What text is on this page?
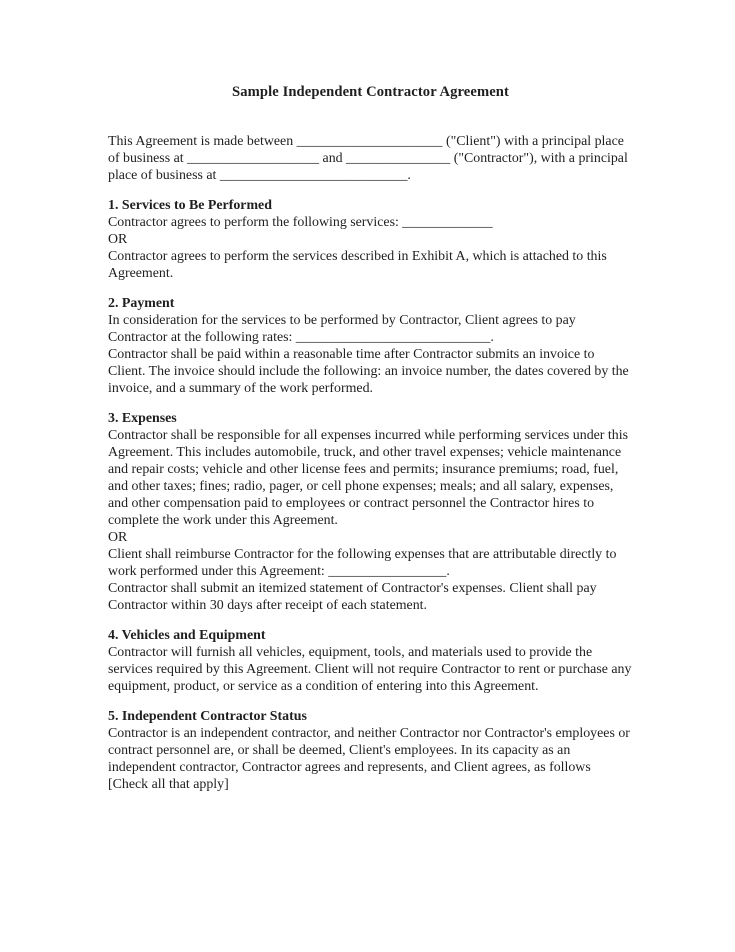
Sample Independent Contractor Agreement

This Agreement is made between _____________________ ("Client") with a principal place of business at ___________________ and _______________ ("Contractor"), with a principal place of business at ___________________________.

1. Services to Be Performed

Contractor agrees to perform the following services: _____________

OR

Contractor agrees to perform the services described in Exhibit A, which is attached to this Agreement.

2. Payment

In consideration for the services to be performed by Contractor, Client agrees to pay Contractor at the following rates: ____________________________.

Contractor shall be paid within a reasonable time after Contractor submits an invoice to Client. The invoice should include the following: an invoice number, the dates covered by the invoice, and a summary of the work performed.

3. Expenses

Contractor shall be responsible for all expenses incurred while performing services under this Agreement. This includes automobile, truck, and other travel expenses; vehicle maintenance and repair costs; vehicle and other license fees and permits; insurance premiums; road, fuel, and other taxes; fines; radio, pager, or cell phone expenses; meals; and all salary, expenses, and other compensation paid to employees or contract personnel the Contractor hires to complete the work under this Agreement.

OR

Client shall reimburse Contractor for the following expenses that are attributable directly to work performed under this Agreement: _________________.

Contractor shall submit an itemized statement of Contractor's expenses. Client shall pay Contractor within 30 days after receipt of each statement.

4. Vehicles and Equipment

Contractor will furnish all vehicles, equipment, tools, and materials used to provide the services required by this Agreement. Client will not require Contractor to rent or purchase any equipment, product, or service as a condition of entering into this Agreement.

5. Independent Contractor Status

Contractor is an independent contractor, and neither Contractor nor Contractor's employees or contract personnel are, or shall be deemed, Client's employees. In its capacity as an independent contractor, Contractor agrees and represents, and Client agrees, as follows

[Check all that apply]
